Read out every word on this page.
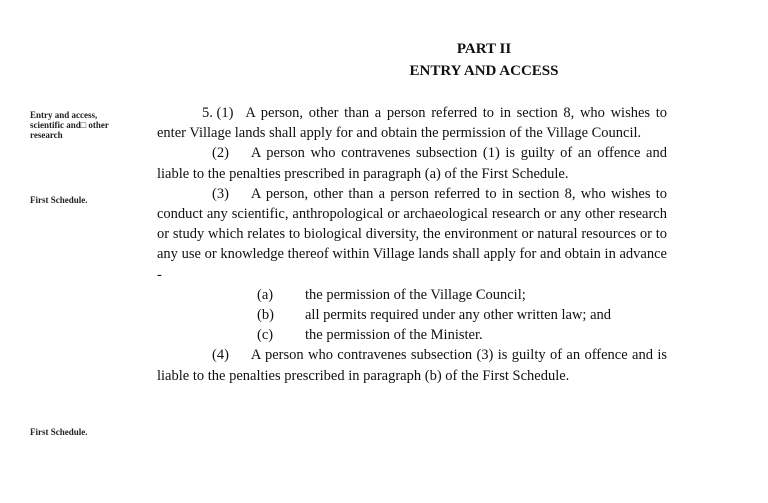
PART II
ENTRY AND ACCESS
Entry and access, scientific and□ other research
First Schedule.
First Schedule.

5. (1) A person, other than a person referred to in section 8, who wishes to enter Village lands shall apply for and obtain the permission of the Village Council.

(2) A person who contravenes subsection (1) is guilty of an offence and liable to the penalties prescribed in paragraph (a) of the First Schedule.

(3) A person, other than a person referred to in section 8, who wishes to conduct any scientific, anthropological or archaeological research or any other research or study which relates to biological diversity, the environment or natural resources or to any use or knowledge thereof within Village lands shall apply for and obtain in advance -

(a)	the permission of the Village Council;
(b)	all permits required under any other written law; and
(c)	the permission of the Minister.

(4) A person who contravenes subsection (3) is guilty of an offence and is liable to the penalties prescribed in paragraph (b) of the First Schedule.
